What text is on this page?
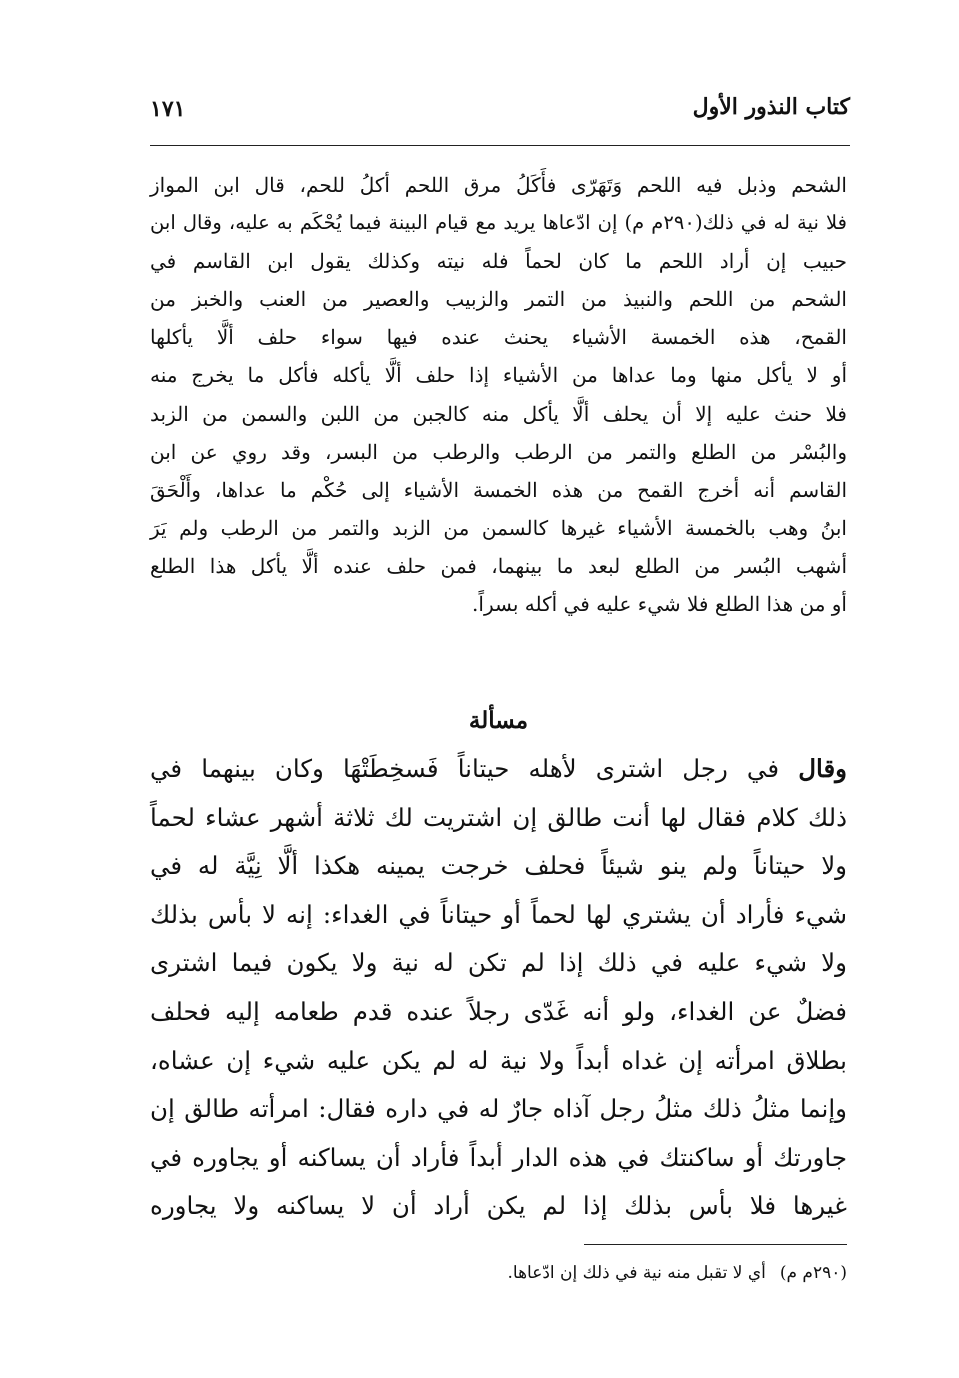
كتاب النذور الأول
١٧١
الشحم وذبل فيه اللحم وَتَهَرّى فأَكَلُ مرق اللحم أكلُ للحم، قال ابن المواز
فلا نية له في ذلك(٢٩٠م م) إن ادّعاها يريد مع قيام البينة فيما يُحْكَم به عليه، وقال ابن
حبيب إن أراد اللحم ما كان لحماً فله نيته وكذلك يقول ابن القاسم في
الشحم من اللحم والنبيذ من التمر والزبيب والعصير من العنب والخبز من
القمح، هذه الخمسة الأشياء يحنث عنده فيها سواء حلف ألَّا يأكلها
أو لا يأكل منها وما عداها من الأشياء إذا حلف ألَّا يأكله فأكل ما يخرج منه
فلا حنث عليه إلا أن يحلف ألَّا يأكل منه كالجبن من اللبن والسمن من الزبد
والبُسْر من الطلع والتمر من الرطب والرطب من البسر، وقد روي عن ابن
القاسم أنه أخرج القمح من هذه الخمسة الأشياء إلى حُكْم ما عداها، وأَلْحَقَ
ابنُ وهب بالخمسة الأشياء غيرها كالسمن من الزبد والتمر من الرطب ولم يَرَ
أشهب البُسر من الطلع لبعد ما بينهما، فمن حلف عنده ألَّا يأكل هذا الطلع
أو من هذا الطلع فلا شيء عليه في أكله بسراً.
مسألة
وقال في رجل اشترى لأهله حيتاناً فَسخِطَتْهَا وكان بينهما في
ذلك كلام فقال لها أنت طالق إن اشتريت لك ثلاثة أشهر عشاء لحماً
ولا حيتاناً ولم ينو شيئاً فحلف خرجت يمينه هكذا ألَّا نِيَّة له في
شيء فأراد أن يشتري لها لحماً أو حيتاناً في الغداء: إنه لا بأس بذلك
ولا شيء عليه في ذلك إذا لم تكن له نية ولا يكون فيما اشترى
فضلٌ عن الغداء، ولو أنه غَدّى رجلاً عنده قدم طعامه إليه فحلف
بطلاق امرأته إن غداه أبداً ولا نية له لم يكن عليه شيء إن عشاه،
وإنما مثلُ ذلك مثلُ رجل آذاه جارٌ له في داره فقال: امرأته طالق إن
جاورتك أو ساكنتك في هذه الدار أبداً فأراد أن يساكنه أو يجاوره في
غيرها فلا بأس بذلك إذا لم يكن أراد أن لا يساكنه ولا يجاوره
(٢٩٠م م)أي لا تقبل منه نية في ذلك إن ادّعاها.
